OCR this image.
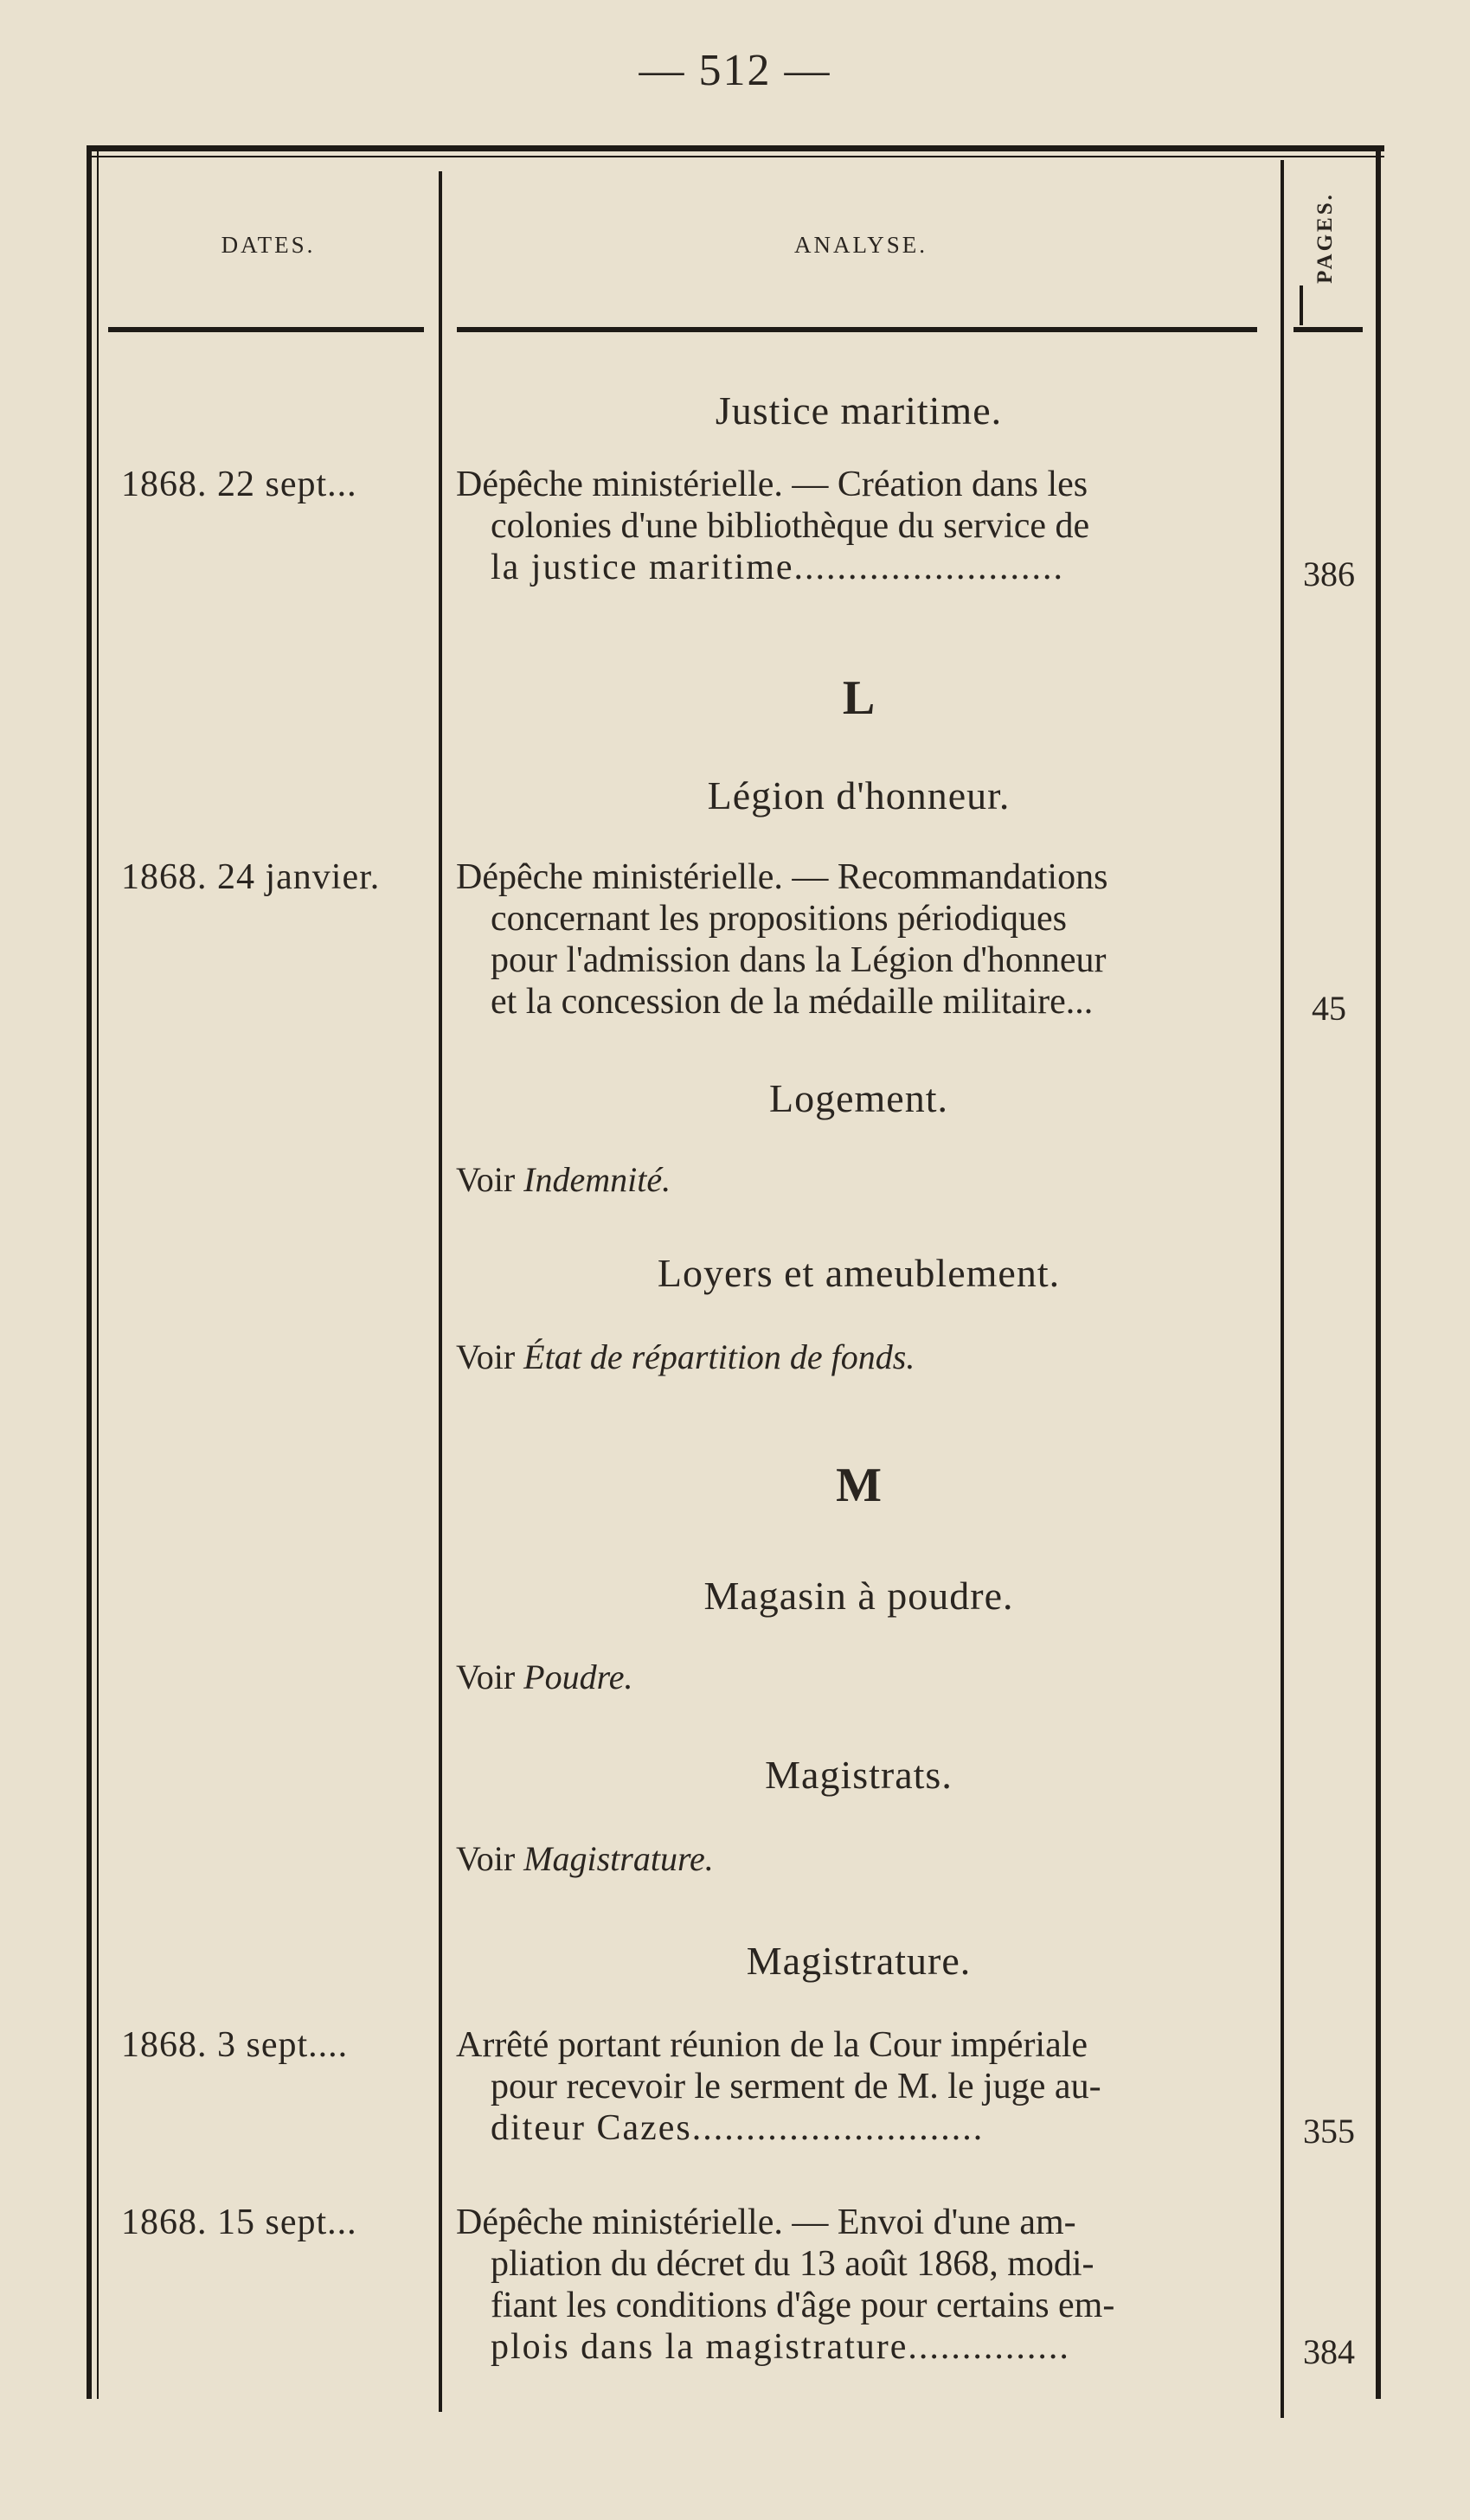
— 512 —
DATES.	ANALYSE.	PAGES.
Justice maritime.
1868. 22 sept...	Dépêche ministérielle. — Création dans les
colonies d'une bibliothèque du service de
la justice maritime.........................	386
L
Légion d'honneur.
1868. 24 janvier.	Dépêche ministérielle. — Recommandations
concernant les propositions périodiques
pour l'admission dans la Légion d'honneur
et la concession de la médaille militaire...	45
Logement.
Voir Indemnité.
Loyers et ameublement.
Voir État de répartition de fonds.
M
Magasin à poudre.
Voir Poudre.
Magistrats.
Voir Magistrature.
Magistrature.
1868. 3 sept....	Arrêté portant réunion de la Cour impériale
pour recevoir le serment de M. le juge au-
diteur Cazes...........................	355
1868. 15 sept...	Dépêche ministérielle. — Envoi d'une am-
pliation du décret du 13 août 1868, modi-
fiant les conditions d'âge pour certains em-
plois dans la magistrature...............	384
